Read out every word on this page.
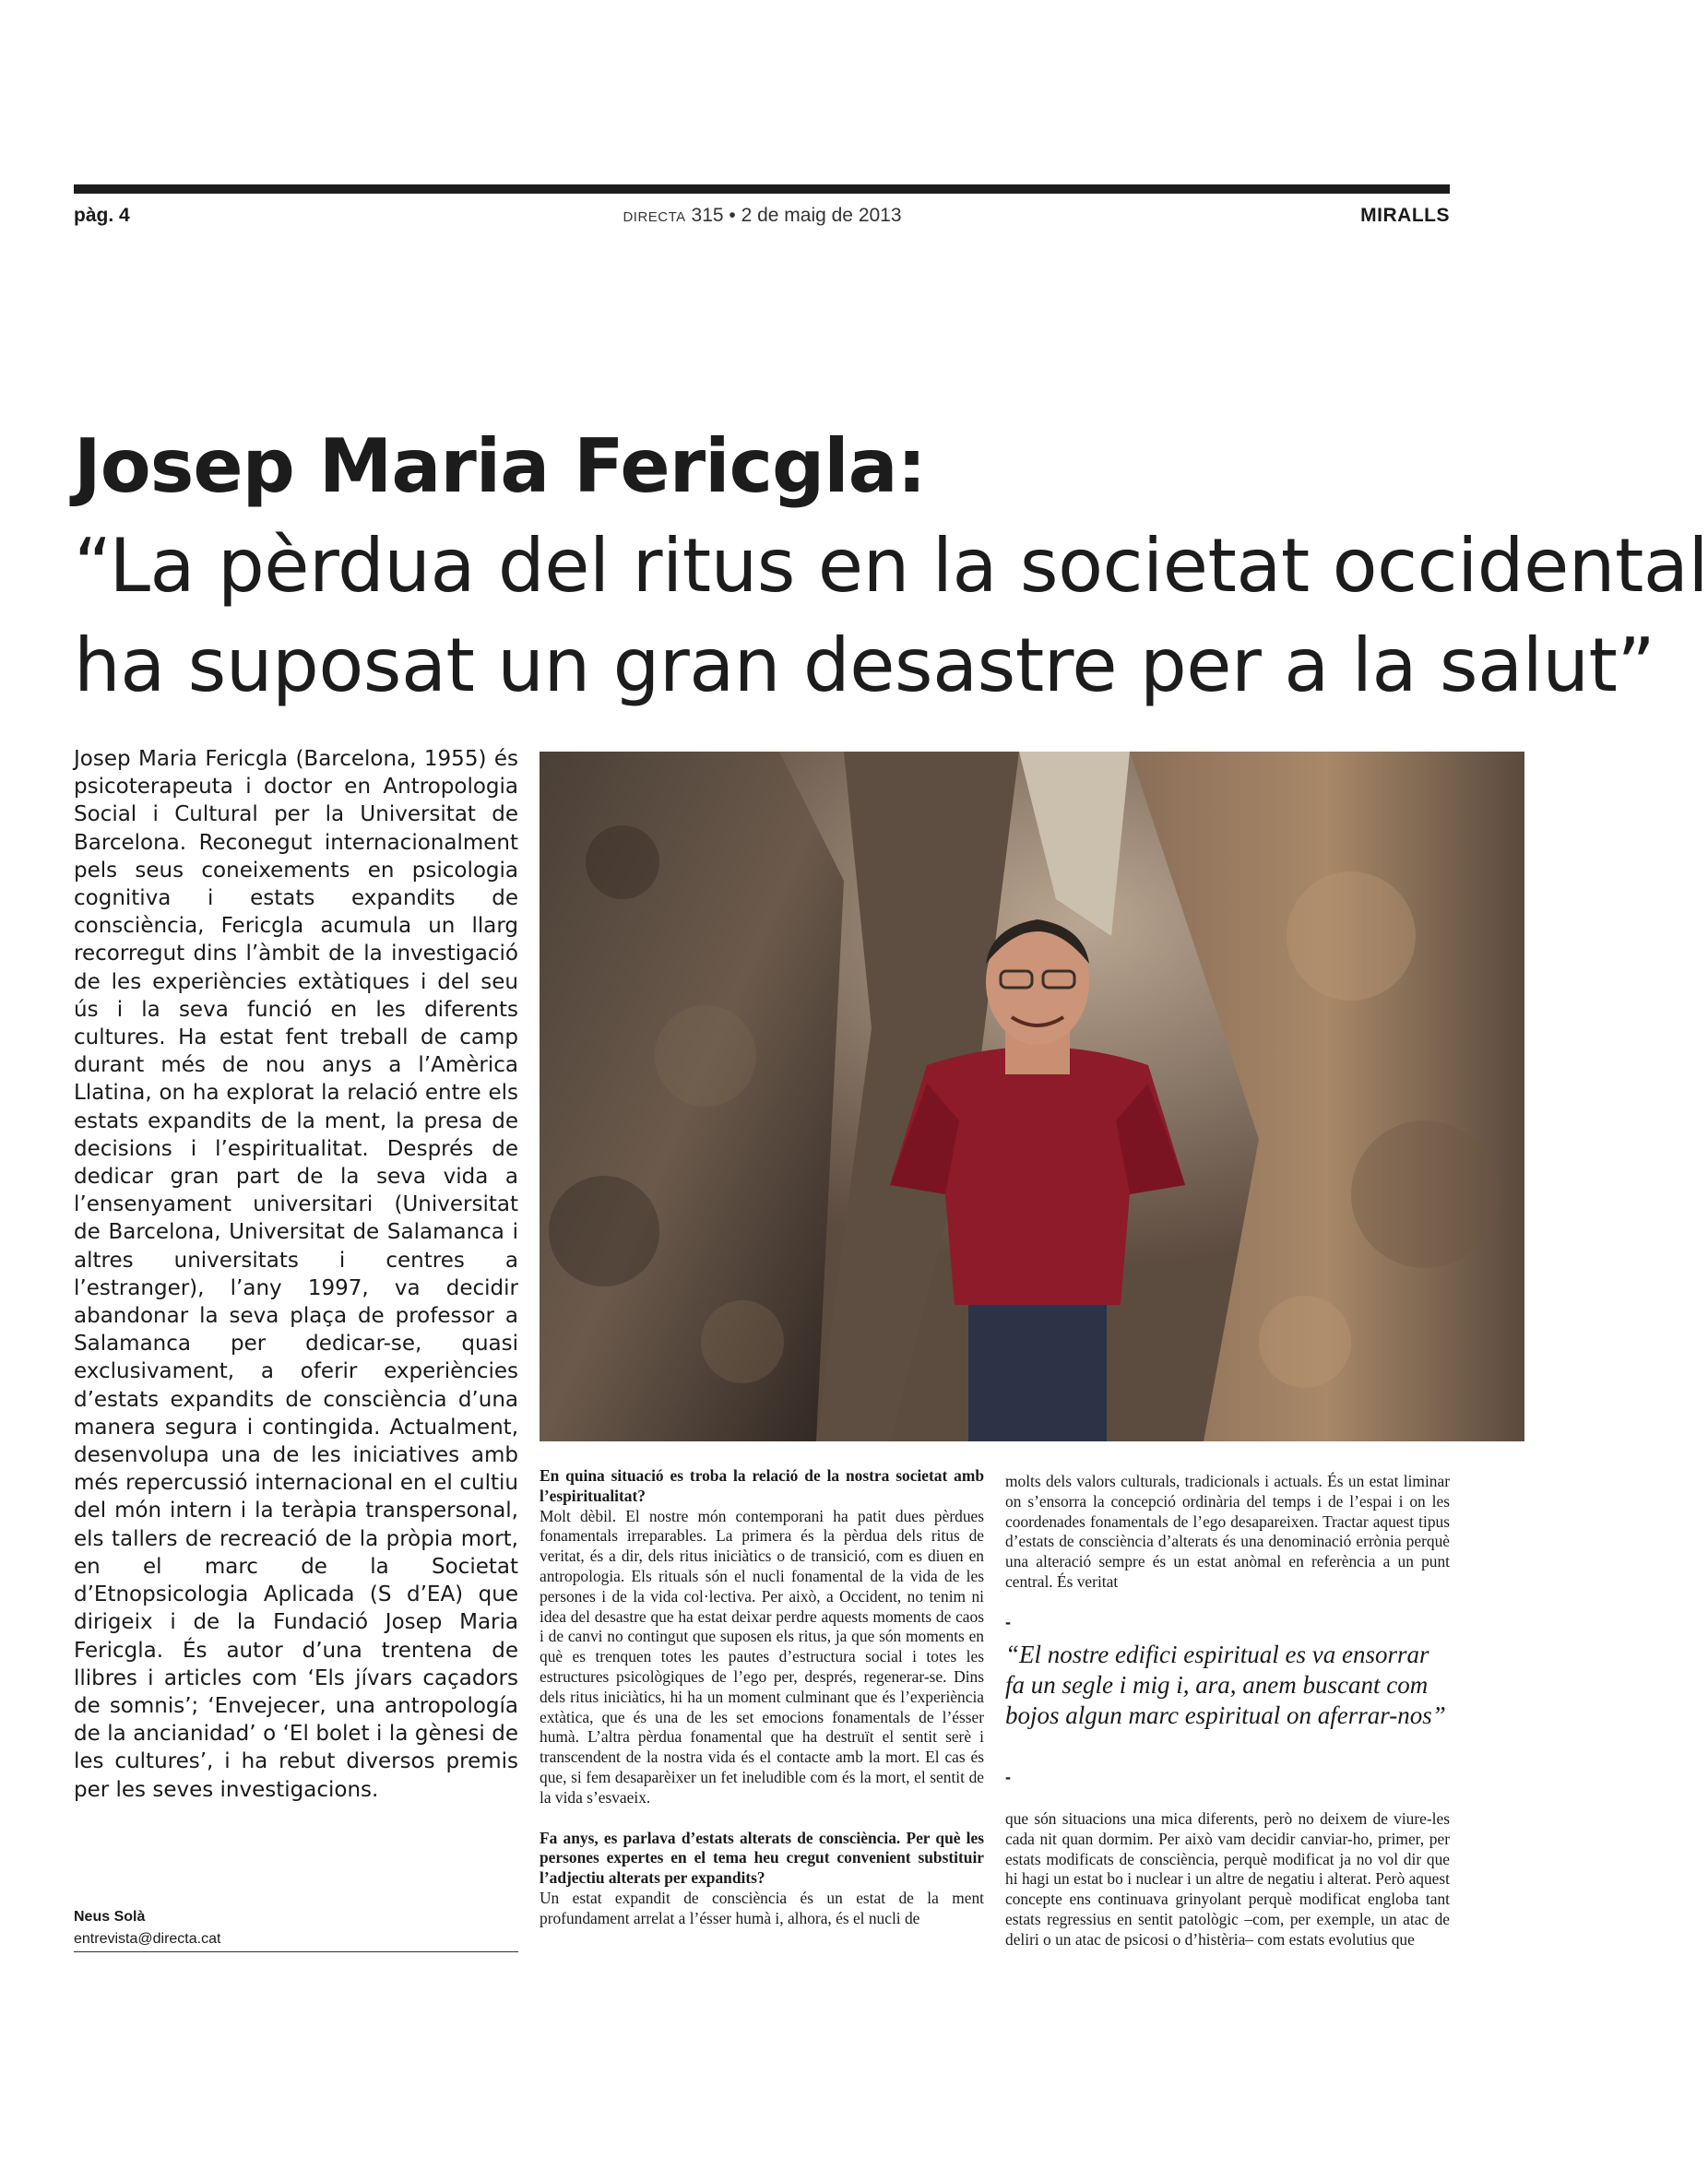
pàg. 4	DIRECTA 315 • 2 de maig de 2013	MIRALLS
Josep Maria Fericgla:
“La pèrdua del ritus en la societat occidental
ha suposat un gran desastre per a la salut”
Josep Maria Fericgla (Barcelona, 1955) és psicoterapeuta i doctor en Antropologia Social i Cultural per la Universitat de Barcelona. Reconegut internacionalment pels seus coneixements en psicologia cognitiva i estats expandits de consciència, Fericgla acumula un llarg recorregut dins l’àmbit de la investigació de les experiències extàtiques i del seu ús i la seva funció en les diferents cultures. Ha estat fent treball de camp durant més de nou anys a l’Amèrica Llatina, on ha explorat la relació entre els estats expandits de la ment, la presa de decisions i l’espiritualitat. Després de dedicar gran part de la seva vida a l’ensenyament universitari (Universitat de Barcelona, Universitat de Salamanca i altres universitats i centres a l’estranger), l’any 1997, va decidir abandonar la seva plaça de professor a Salamanca per dedicar-se, quasi exclusivament, a oferir experiències d’estats expandits de consciència d’una manera segura i contingida. Actualment, desenvolupa una de les iniciatives amb més repercussió internacional en el cultiu del món intern i la teràpia transpersonal, els tallers de recreació de la pròpia mort, en el marc de la Societat d’Etnopsicologia Aplicada (S d’EA) que dirigeix i de la Fundació Josep Maria Fericgla. És autor d’una trentena de llibres i articles com ‘Els jívars caçadors de somnis’; ‘Envejecer, una antropología de la ancianidad’ o ‘El bolet i la gènesi de les cultures’, i ha rebut diversos premis per les seves investigacions.
Neus Solà
entrevista@directa.cat

En quina situació es troba la relació de la nostra societat amb l’espiritualitat?

Molt dèbil. El nostre món contemporani ha patit dues pèrdues fonamentals irreparables. La primera és la pèrdua dels ritus de veritat, és a dir, dels ritus iniciàtics o de transició, com es diuen en antropologia. Els rituals són el nucli fonamental de la vida de les persones i de la vida col·lectiva. Per això, a Occident, no tenim ni idea del desastre que ha estat deixar perdre aquests moments de caos i de canvi no contingut que suposen els ritus, ja que són moments en què es trenquen totes les pautes d’estructura social i totes les estructures psicològiques de l’ego per, després, regenerar-se. Dins dels ritus iniciàtics, hi ha un moment culminant que és l’experiència extàtica, que és una de les set emocions fonamentals de l’ésser humà. L’altra pèrdua fonamental que ha destruït el sentit serè i transcendent de la nostra vida és el contacte amb la mort. El cas és que, si fem desaparèixer un fet ineludible com és la mort, el sentit de la vida s’esvaeix.

Fa anys, es parlava d’estats alterats de consciència. Per què les persones expertes en el tema heu cregut convenient substituir l’adjectiu alterats per expandits?

Un estat expandit de consciència és un estat de la ment profundament arrelat a l’ésser humà i, alhora, és el nucli de

molts dels valors culturals, tradicionals i actuals. És un estat liminar on s’ensorra la concepció ordinària del temps i de l’espai i on les coordenades fonamentals de l’ego desapareixen. Tractar aquest tipus d’estats de consciència d’alterats és una denominació errònia perquè una alteració sempre és un estat anòmal en referència a un punt central. És veritat

-
“El nostre edifici espiritual es va ensorrar fa un segle i mig i, ara, anem buscant com bojos algun marc espiritual on aferrar-nos”
-

que són situacions una mica diferents, però no deixem de viure-les cada nit quan dormim. Per això vam decidir canviar-ho, primer, per estats modificats de consciència, perquè modificat ja no vol dir que hi hagi un estat bo i nuclear i un altre de negatiu i alterat. Però aquest concepte ens continuava grinyolant perquè modificat engloba tant estats regressius en sentit patològic –com, per exemple, un atac de deliri o un atac de psicosi o d’histèria– com estats evolutius que
